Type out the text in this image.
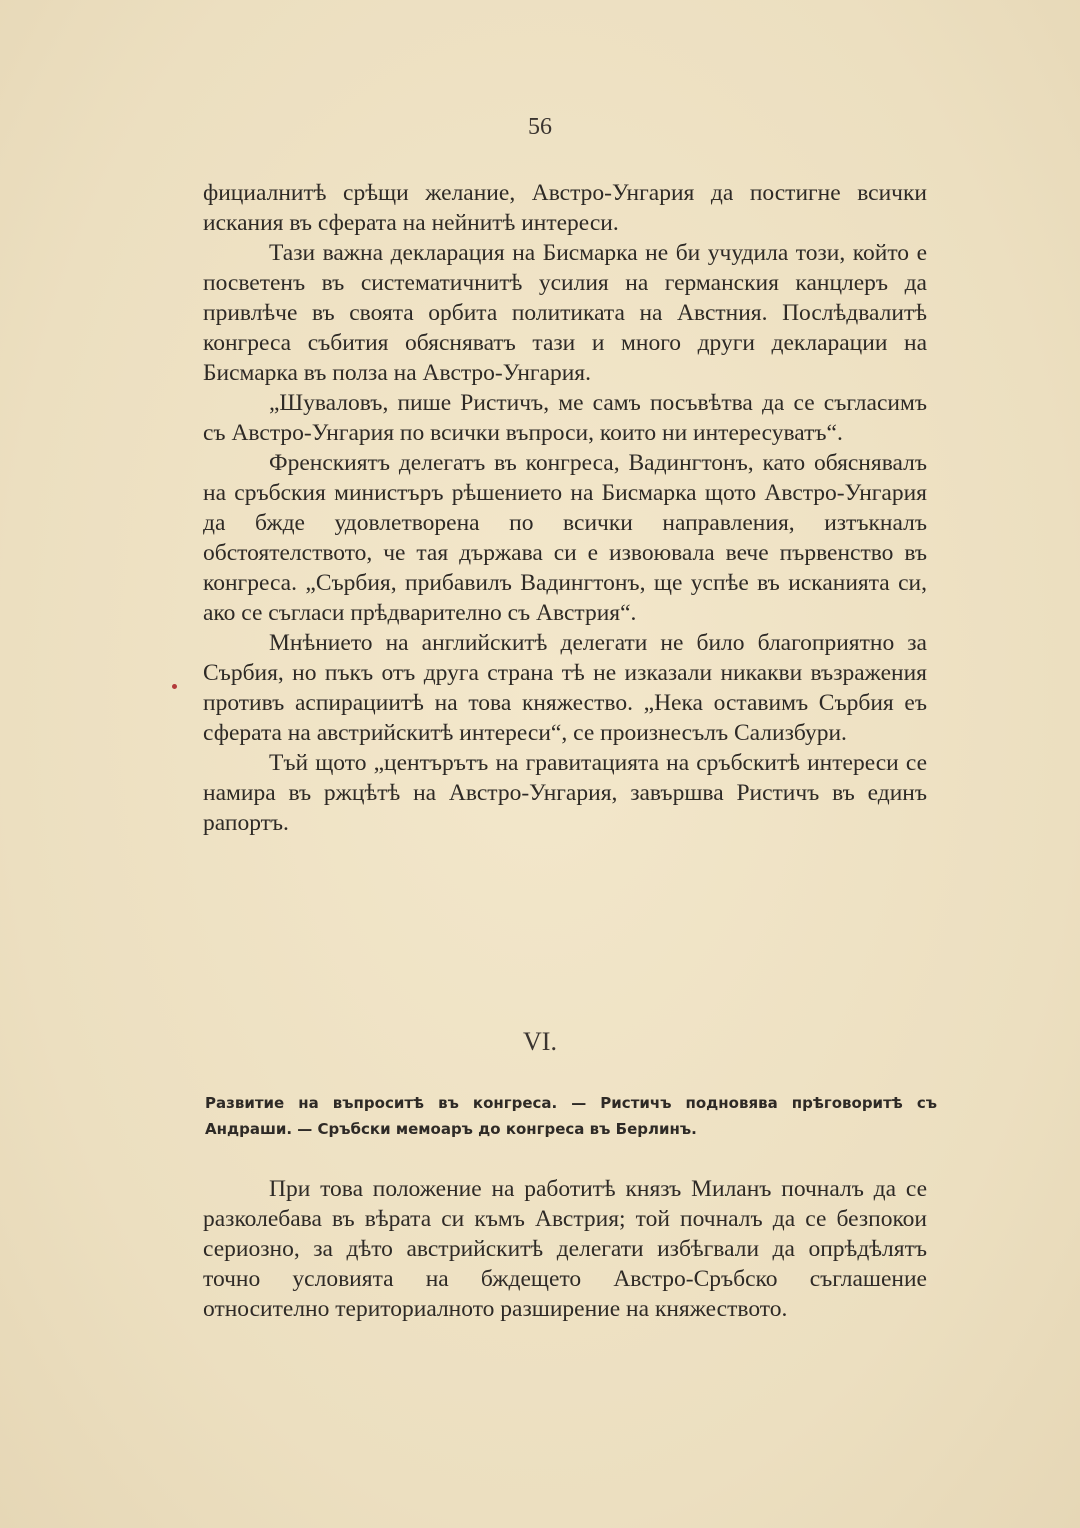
56

фициалнитѣ срѣщи желание, Австро-Унгария да постигне всички искания въ сферата на нейнитѣ интереси.

Тази важна декларация на Бисмарка не би учудила този, който е посветенъ въ систематичнитѣ усилия на германския канцлеръ да привлѣче въ своята орбита политиката на Австния. Послѣдвалитѣ конгреса събития обясняватъ тази и много други декларации на Бисмарка въ полза на Австро-Унгария.

„Шуваловъ, пише Ристичъ, ме самъ посъвѣтва да се съгласимъ съ Австро-Унгария по всички въпроси, които ни интересуватъ“.

Френскиятъ делегатъ въ конгреса, Вадингтонъ, като обяснявалъ на сръбския министъръ рѣшението на Бисмарка щото Австро-Унгария да бжде удовлетворена по всички направления, изтъкналъ обстоятелството, че тая държава си е извоювала вече първенство въ конгреса. „Сърбия, прибавилъ Вадингтонъ, ще успѣе въ исканията си, ако се съгласи прѣдварително съ Австрия“.

Мнѣнието на английскитѣ делегати не било благоприятно за Сърбия, но пъкъ отъ друга страна тѣ не изказали никакви възражения противъ аспирациитѣ на това княжество. „Нека оставимъ Сърбия еъ сферата на австрийскитѣ интереси“, се произнесълъ Сализбури.

Тъй щото „центърътъ на гравитацията на сръбскитѣ интереси се намира въ ржцѣтѣ на Австро-Унгария, завършва Ристичъ въ единъ рапортъ.

VI.
Развитие на въпроситѣ въ конгреса. — Ристичъ подновява прѣговоритѣ съ Андраши. — Сръбски мемоаръ до конгреса въ Берлинъ.

При това положение на работитѣ князъ Миланъ почналъ да се разколебава въ вѣрата си къмъ Австрия; той почналъ да се безпокои сериозно, за дѣто австрийскитѣ делегати избѣгвали да опрѣдѣлятъ точно условията на бждещето Австро-Сръбско съглашение относително териториалното разширение на княжеството.
